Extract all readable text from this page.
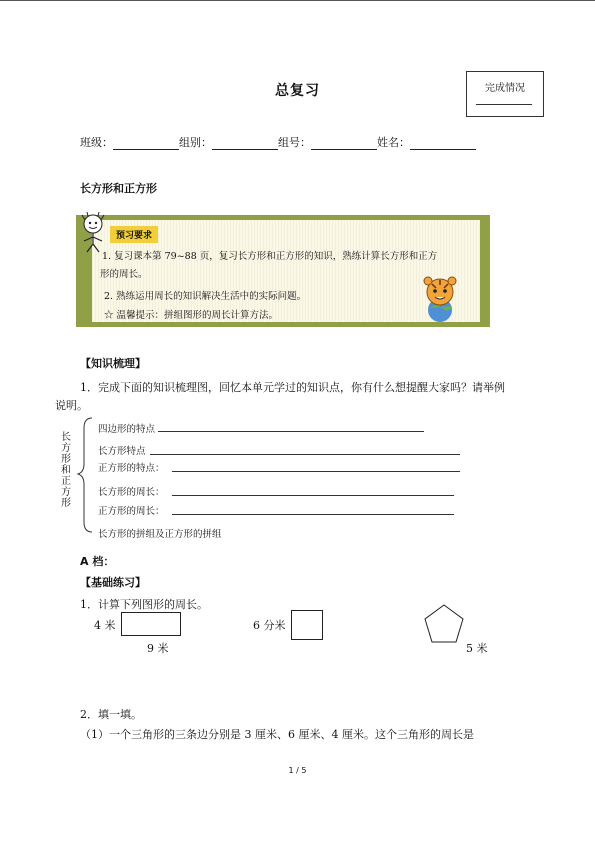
总复习	完成情况
班级：	组别：	组号：	姓名：
长方形和正方形
预习要求
1. 复习课本第 79~88 页，复习长方形和正方形的知识，熟练计算长方形和正方
形的周长。
2. 熟练运用周长的知识解决生活中的实际问题。
☆ 温馨提示：拼组图形的周长计算方法。
【知识梳理】
1．完成下面的知识梳理图，回忆本单元学过的知识点，你有什么想提醒大家吗？请举例
说明。
长
方
形
和
正
方
形
四边形的特点
长方形特点
正方形的特点：
长方形的周长：
正方形的周长：
长方形的拼组及正方形的拼组
A 档：
【基础练习】
1．计算下列图形的周长。
4 米
9 米
6 分米
5 米
2．填一填。
（1）一个三角形的三条边分别是 3 厘米、6 厘米、4 厘米。这个三角形的周长是
1 / 5
